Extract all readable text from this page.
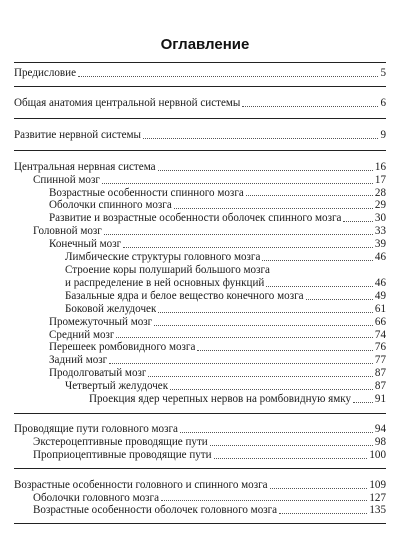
Оглавление
Предисловие	5
Общая анатомия центральной нервной системы	6
Развитие нервной системы	9
Центральная нервная система	16
Спинной мозг	17
Возрастные особенности спинного мозга	28
Оболочки спинного мозга	29
Развитие и возрастные особенности оболочек спинного мозга	30
Головной мозг	33
Конечный мозг	39
Лимбические структуры головного мозга	46
Строение коры полушарий большого мозга
и распределение в ней основных функций	46
Базальные ядра и белое вещество конечного мозга	49
Боковой желудочек	61
Промежуточный мозг	66
Средний мозг	74
Перешеек ромбовидного мозга	76
Задний мозг	77
Продолговатый мозг	87
Четвертый желудочек	87
Проекция ядер черепных нервов на ромбовидную ямку 91
Проводящие пути головного мозга	94
Экстероцептивные проводящие пути	98
Проприоцептивные проводящие пути	100
Возрастные особенности головного и спинного мозга	109
Оболочки головного мозга	127
Возрастные особенности оболочек головного мозга	135
